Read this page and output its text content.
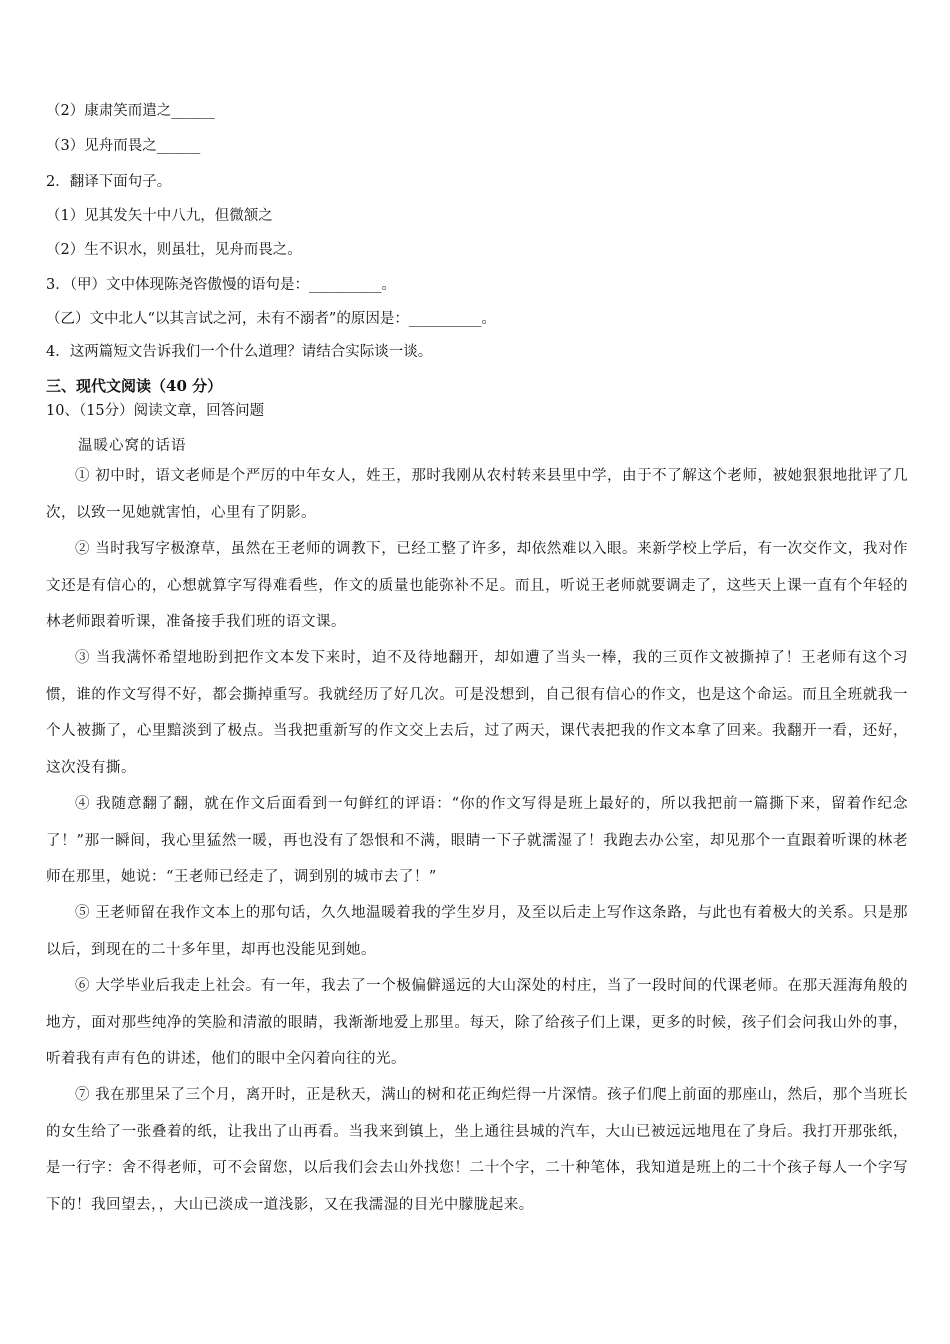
（2）康肃笑而遣之______
（3）见舟而畏之______
2．翻译下面句子。
（1）见其发矢十中八九，但微颔之
（2）生不识水，则虽壮，见舟而畏之。
3．（甲）文中体现陈尧咨傲慢的语句是：__________。
（乙）文中北人“以其言试之河，未有不溺者”的原因是：__________。
4．这两篇短文告诉我们一个什么道理？请结合实际谈一谈。
三、现代文阅读（40 分）
10、（15分）阅读文章，回答问题
温暖心窝的话语
① 初中时，语文老师是个严厉的中年女人，姓王，那时我刚从农村转来县里中学，由于不了解这个老师，被她狠狠地批评了几次，以致一见她就害怕，心里有了阴影。
② 当时我写字极潦草，虽然在王老师的调教下，已经工整了许多，却依然难以入眼。来新学校上学后，有一次交作文，我对作文还是有信心的，心想就算字写得难看些，作文的质量也能弥补不足。而且，听说王老师就要调走了，这些天上课一直有个年轻的林老师跟着听课，准备接手我们班的语文课。
③ 当我满怀希望地盼到把作文本发下来时，迫不及待地翻开，却如遭了当头一棒，我的三页作文被撕掉了！王老师有这个习惯，谁的作文写得不好，都会撕掉重写。我就经历了好几次。可是没想到，自己很有信心的作文，也是这个命运。而且全班就我一个人被撕了，心里黯淡到了极点。当我把重新写的作文交上去后，过了两天，课代表把我的作文本拿了回来。我翻开一看，还好，这次没有撕。
④ 我随意翻了翻，就在作文后面看到一句鲜红的评语：“你的作文写得是班上最好的，所以我把前一篇撕下来，留着作纪念了！”那一瞬间，我心里猛然一暖，再也没有了怨恨和不满，眼睛一下子就濡湿了！我跑去办公室，却见那个一直跟着听课的林老师在那里，她说：“王老师已经走了，调到别的城市去了！”
⑤ 王老师留在我作文本上的那句话，久久地温暖着我的学生岁月，及至以后走上写作这条路，与此也有着极大的关系。只是那以后，到现在的二十多年里，却再也没能见到她。
⑥ 大学毕业后我走上社会。有一年，我去了一个极偏僻遥远的大山深处的村庄，当了一段时间的代课老师。在那天涯海角般的地方，面对那些纯净的笑脸和清澈的眼睛，我渐渐地爱上那里。每天，除了给孩子们上课，更多的时候，孩子们会问我山外的事，听着我有声有色的讲述，他们的眼中全闪着向往的光。
⑦ 我在那里呆了三个月，离开时，正是秋天，满山的树和花正绚烂得一片深情。孩子们爬上前面的那座山，然后，那个当班长的女生给了一张叠着的纸，让我出了山再看。当我来到镇上，坐上通往县城的汽车，大山已被远远地甩在了身后。我打开那张纸，是一行字：舍不得老师，可不会留您，以后我们会去山外找您！二十个字，二十种笔体，我知道是班上的二十个孩子每人一个字写下的！我回望去，，大山已淡成一道浅影，又在我濡湿的目光中朦胧起来。
